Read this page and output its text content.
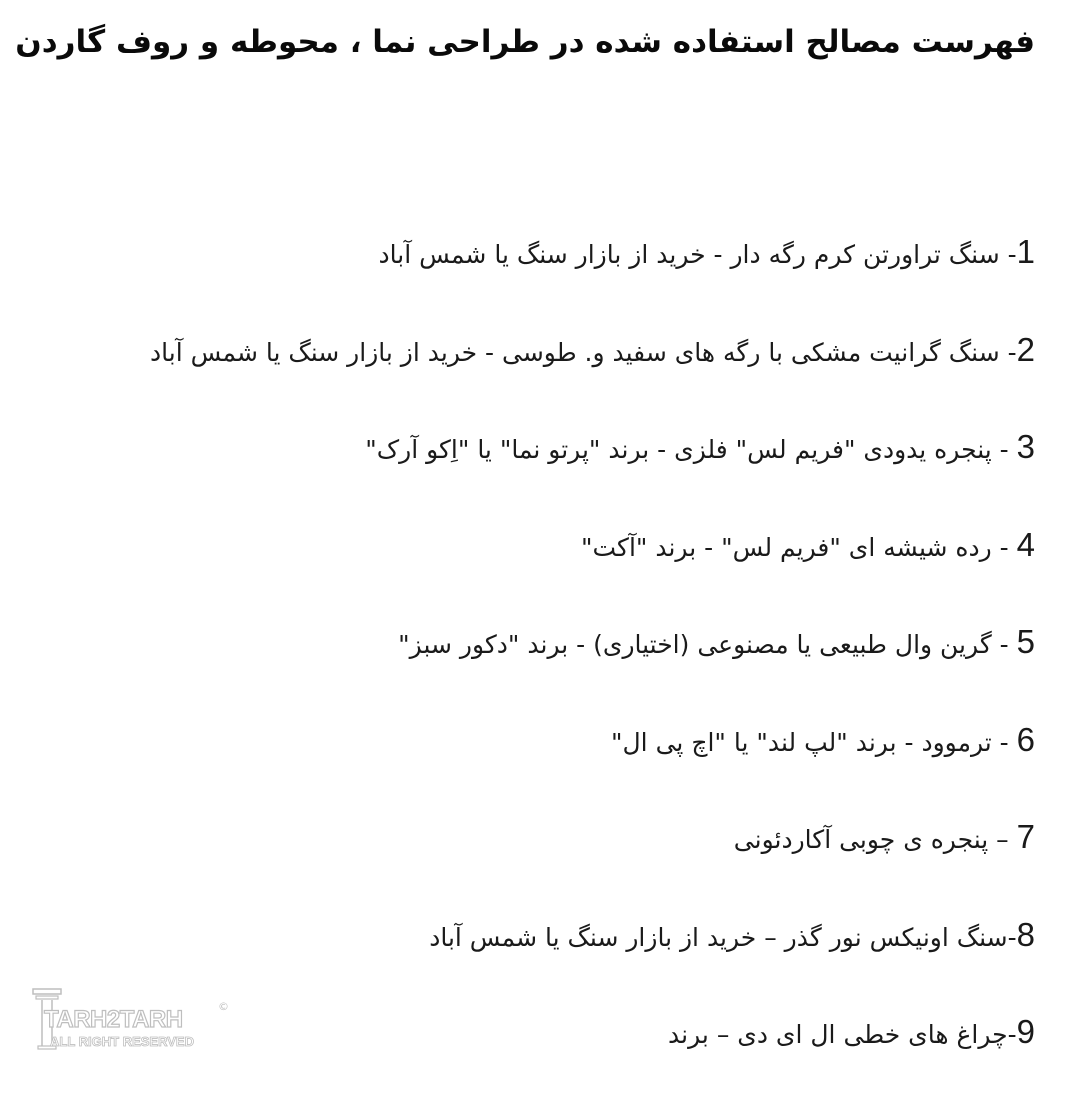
فهرست مصالح استفاده شده در طراحی نما ، محوطه و روف گاردن
1- سنگ تراورتن کرم رگه دار - خرید از بازار سنگ یا شمس آباد
2- سنگ گرانیت مشکی با رگه های سفید و. طوسی - خرید از بازار سنگ یا شمس آباد
3 - پنجره یدودی "فریم لس" فلزی - برند "پرتو نما" یا "اِکو آرک"
4 - رده شیشه ای "فریم لس" - برند "آکت"
5 - گرین وال طبیعی یا مصنوعی (اختیاری) - برند "دکور سبز"
6 - ترموود - برند "لپ لند" یا "اچ پی ال"
7 – پنجره ی چوبی آکاردئونی
8-سنگ اونیکس نور گذر – خرید از بازار سنگ یا شمس آباد
9-چراغ های خطی ال ای دی – برند
TARH2TARH
ALL RIGHT RESERVED
©
